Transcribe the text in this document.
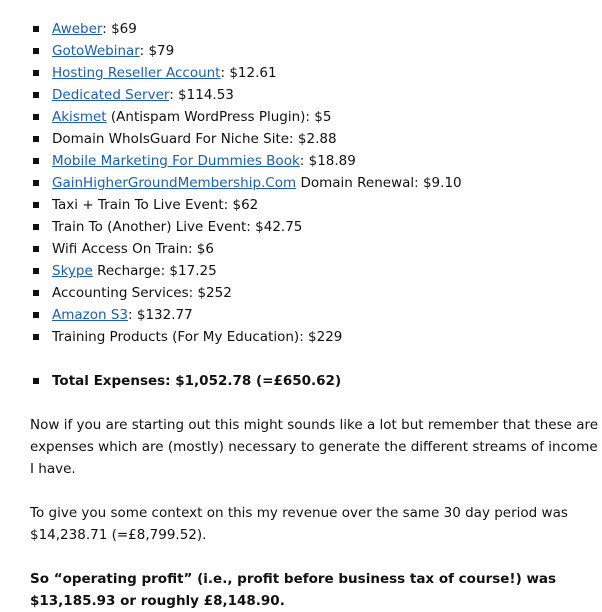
Aweber: $69
GotoWebinar: $79
Hosting Reseller Account: $12.61
Dedicated Server: $114.53
Akismet (Antispam WordPress Plugin): $5
Domain WhoIsGuard For Niche Site: $2.88
Mobile Marketing For Dummies Book: $18.89
GainHigherGroundMembership.Com Domain Renewal: $9.10
Taxi + Train To Live Event: $62
Train To (Another) Live Event: $42.75
Wifi Access On Train: $6
Skype Recharge: $17.25
Accounting Services: $252
Amazon S3: $132.77
Training Products (For My Education): $229
Total Expenses: $1,052.78 (=£650.62)

Now if you are starting out this might sounds like a lot but remember that these are expenses which are (mostly) necessary to generate the different streams of income I have.

To give you some context on this my revenue over the same 30 day period was $14,238.71 (=£8,799.52).

So “operating profit” (i.e., profit before business tax of course!) was $13,185.93 or roughly £8,148.90.
